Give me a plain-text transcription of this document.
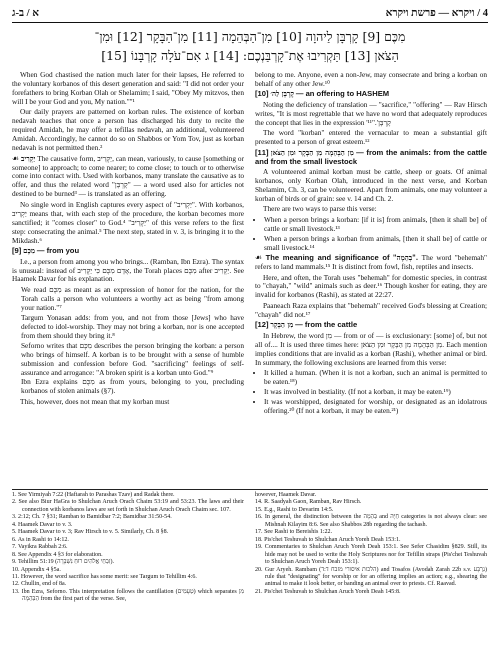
א / ב-ג	4 / ויקרא — פרשת ויקרא
מִכֶּם [9] קָרְבָּן לַיהוָה [10] מִן־הַבְּהֵמָה [11] מִן־הַבָּקָר [12] וּמִן־
הַצֹּאן [13] תַּקְרִיבוּ אֶת־קָרְבַּנְכֶם: [14] ג אִם־עֹלָה קָרְבָּנוֹ [15]

When God chastised the nation much later for their lapses, He referred to the voluntary korbanos of this desert generation and said: "I did not order your forefathers to bring Korban Olah or Shelamim; I said, "Obey My mitzvos, then will I be your God and you, My nation.""¹

Our daily prayers are patterned on korban rules. The existence of korban nedavah teaches that once a person has discharged his duty to recite the required Amidah, he may offer a tefillas nedavah, an additional, volunteered Amidah. Accordingly, he cannot do so on Shabbos or Yom Tov, just as korban nedavah is not permitted then.²

☙ יַקְרִיב The causative form, יַקְרִיב, can mean, variously, to cause [something or someone] to approach; to come nearer; to come close; to touch or to otherwise come into contact with. Used with korbanos, many translate the causative as to offer, and thus the related word "קָרְבָּן" — a word used also for articles not destined to be burned³ — is translated as an offering.

No single word in English captures every aspect of "יַקְרִיב". With korbanos, יַקְרִיב means that, with each step of the procedure, the korban becomes more sanctified; it "comes closer" to God.⁴ "יַקְרִיב" of this verse refers to the first step: consecrating the animal.⁵ The next step, stated in v. 3, is bringing it to the Mikdash.⁶

[9] מִכֶּם — from you

I.e., a person from among you who brings... (Ramban, Ibn Ezra). The syntax is unusual: instead of אָדָם מִכֶּם כִּי יַקְרִיב, the Torah places מִכֶּם after יַקְרִיב. See Haamek Davar for his explanation.

• We read מִכֶּם as meant as an expression of honor for the nation, for the Torah calls a person who volunteers a worthy act as being "from among your nation."⁷
• Targum Yonasan adds: from you, and not from those [Jews] who have defected to idol-worship. They may not bring a korban, nor is one accepted from them should they bring it.⁸
• Seforno writes that מִכֶּם describes the person bringing the korban: a person who brings of himself. A korban is to be brought with a sense of humble submission and confession before God. "sacrificing" feelings of self-assurance and arrogance: "A broken spirit is a korban unto God."⁹
• Ibn Ezra explains מִכֶּם as from yours, belonging to you, precluding korbanos of stolen animals (§7).

This, however, does not mean that my korban must

belong to me. Anyone, even a non-Jew, may consecrate and bring a korban on behalf of any other Jew.¹⁰

[10] קָרְבָּן לַה׳ — an offering to HASHEM

Noting the deficiency of translation — "sacrifice," "offering" — Rav Hirsch writes, "It is most regrettable that we have no word that adequately reproduces the concept that lies in the expression 'קָרְבָּן'."¹¹

The word "korban" entered the vernacular to mean a substantial gift presented to a person of great esteem.¹²

[11] מִן הַבְּהֵמָה מִן הַבָּקָר וּמִן הַצֹּאן — from the animals: from the cattle and from the small livestock

A volunteered animal korban must be cattle, sheep or goats. Of animal korbanos, only Korban Olah, introduced in the next verse, and Korban Shelamim, Ch. 3, can be volunteered. Apart from animals, one may volunteer a korban of birds or of grain: see v. 14 and Ch. 2.

There are two ways to parse this verse:

• When a person brings a korban: [if it is] from animals, [then it shall be] of cattle or small livestock.¹³
• When a person brings a korban from animals, [then it shall be] of cattle or small livestock.¹⁴

☙ The meaning and significance of "בְּהֵמָה". The word "behemah" refers to land mammals.¹⁵ It is distinct from fowl, fish, reptiles and insects.

Here, and often, the Torah uses "behemah" for domestic species, in contrast to "chayah," "wild" animals such as deer.¹⁶ Though kosher for eating, they are invalid for korbanos (Rashi), as stated at 22:27.

Paaneach Raza explains that "behemah" received God's blessing at Creation; "chayah" did not.¹⁷

[12] מִן הַבָּקָר — from the cattle

In Hebrew, the word מִן — from or of — is exclusionary: [some] of, but not all of.... It is used three times here: מִן הַבְּהֵמָה מִן הַבָּקָר וּמִן הַצֹּאן. Each mention implies conditions that are invalid as a korban (Rashi), whether animal or bird. In summary, the following exclusions are learned from this verse:

• It killed a human. (When it is not a korban, such an animal is permitted to be eaten.¹⁸)
• It was involved in bestiality. (If not a korban, it may be eaten.¹⁹)
• It was worshipped, designated for worship, or designated as an idolatrous offering.²⁰ (If not a korban, it may be eaten.²¹)

1. See Yirmiyah 7:22 (Haftarah to Parashas Tzav) and Radak there.

2. See also Biur HaGra to Shulchan Aruch Orach Chaim 53:19 and 53:23. The laws and their connection with korbanos laws are set forth in Shulchan Aruch Orach Chaim sec. 107.

3. 2:12; Ch. 7 §31; Ramban to Bamidbar 7:2; Bamidbar 31:50-54.

4. Haamek Davar to v. 3.

5. Haamek Davar to v. 3; Rav Hirsch to v. 5. Similarly, Ch. 8 §8.

6. As in Rashi to 14:12.

7. Vayikra Rabbah 2:6.

8. See Appendix 4 §3 for elaboration.

9. Tehillim 51:19 (זִבְחֵי אֱלֹהִים רוּחַ נִשְׁבָּרָה).

10. Appendix 4 §5a.

11. However, the word sacrifice has some merit: see Targum to Tehillim 4:6.

12. Chullin, end of 8a.

13. Ibn Ezra, Seforno. This interpretation follows the cantillation (טְעָמִים) which separates מִן הַבְּהֵמָה from the first part of the verse. See,

however, Haamek Davar.

14. R. Saadyah Gaon, Ramban, Rav Hirsch.

15. E.g., Rashi to Devarim 14:5.

16. In general, the distinction between the בְּהֵמָה and חַיָּה categories is not always clear: see Mishnah Kilayim 8:6. See also Shabbos 28b regarding the tachash.

17. See Rashi to Bereishis 1:22.

18. Pis'chei Teshuvah to Shulchan Aruch Yoreh Deah 153:1.

19. Commentaries to Shulchan Aruch Yoreh Deah 153:1. See Sefer Chasidim §829. Still, its hide may not be used to write the Holy Scriptures nor for Tefillin straps (Pis'chei Teshuvah to Shulchan Aruch Yoreh Deah 153:1).

20. Gur Aryeh. Rambam (הלכות איסורי מזבח ד:ד) and Tosafos (Avodah Zarah 22b s.v. נִרְבָּע) rule that "designating" for worship or for an offering implies an action; e.g., shearing the animal to make it look better, or banding an animal over to priests. Cf. Raavad.

21. Pis'chei Teshuvah to Shulchan Aruch Yoreh Deah 145:8.
